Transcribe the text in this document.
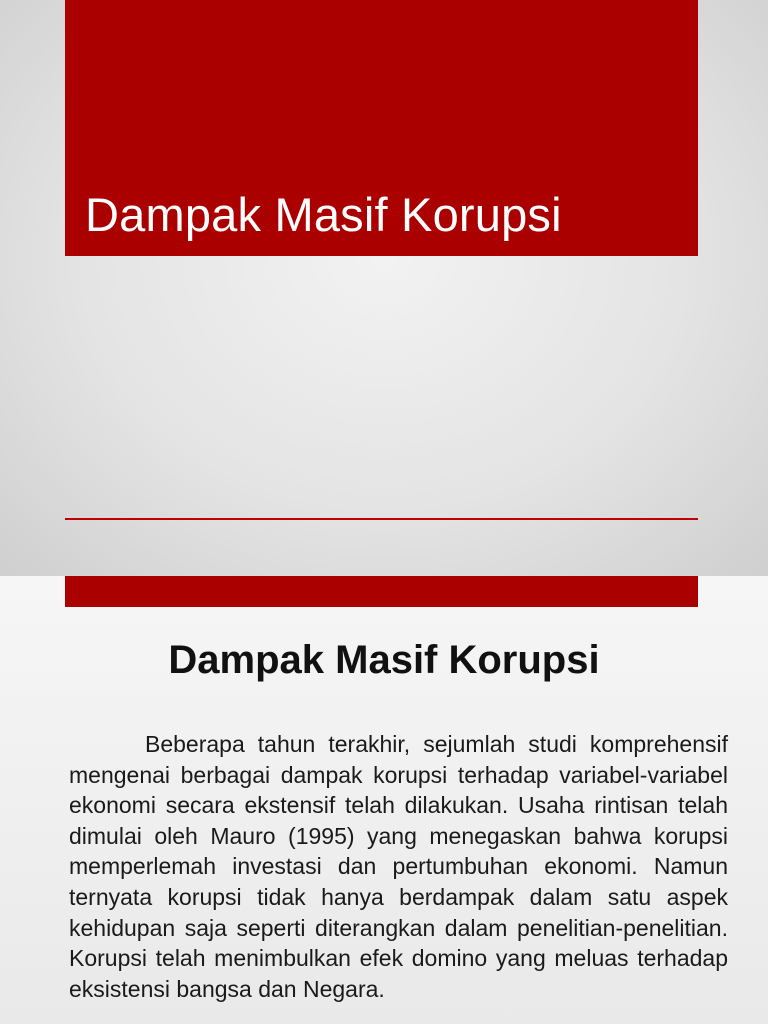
Dampak Masif Korupsi
Dampak Masif Korupsi

Beberapa tahun terakhir, sejumlah studi komprehensif mengenai berbagai dampak korupsi terhadap variabel-variabel ekonomi secara ekstensif telah dilakukan. Usaha rintisan telah dimulai oleh Mauro (1995) yang menegaskan bahwa korupsi memperlemah investasi dan pertumbuhan ekonomi. Namun ternyata korupsi tidak hanya berdampak dalam satu aspek kehidupan saja seperti diterangkan dalam penelitian-penelitian. Korupsi telah menimbulkan efek domino yang meluas terhadap eksistensi bangsa dan Negara.
